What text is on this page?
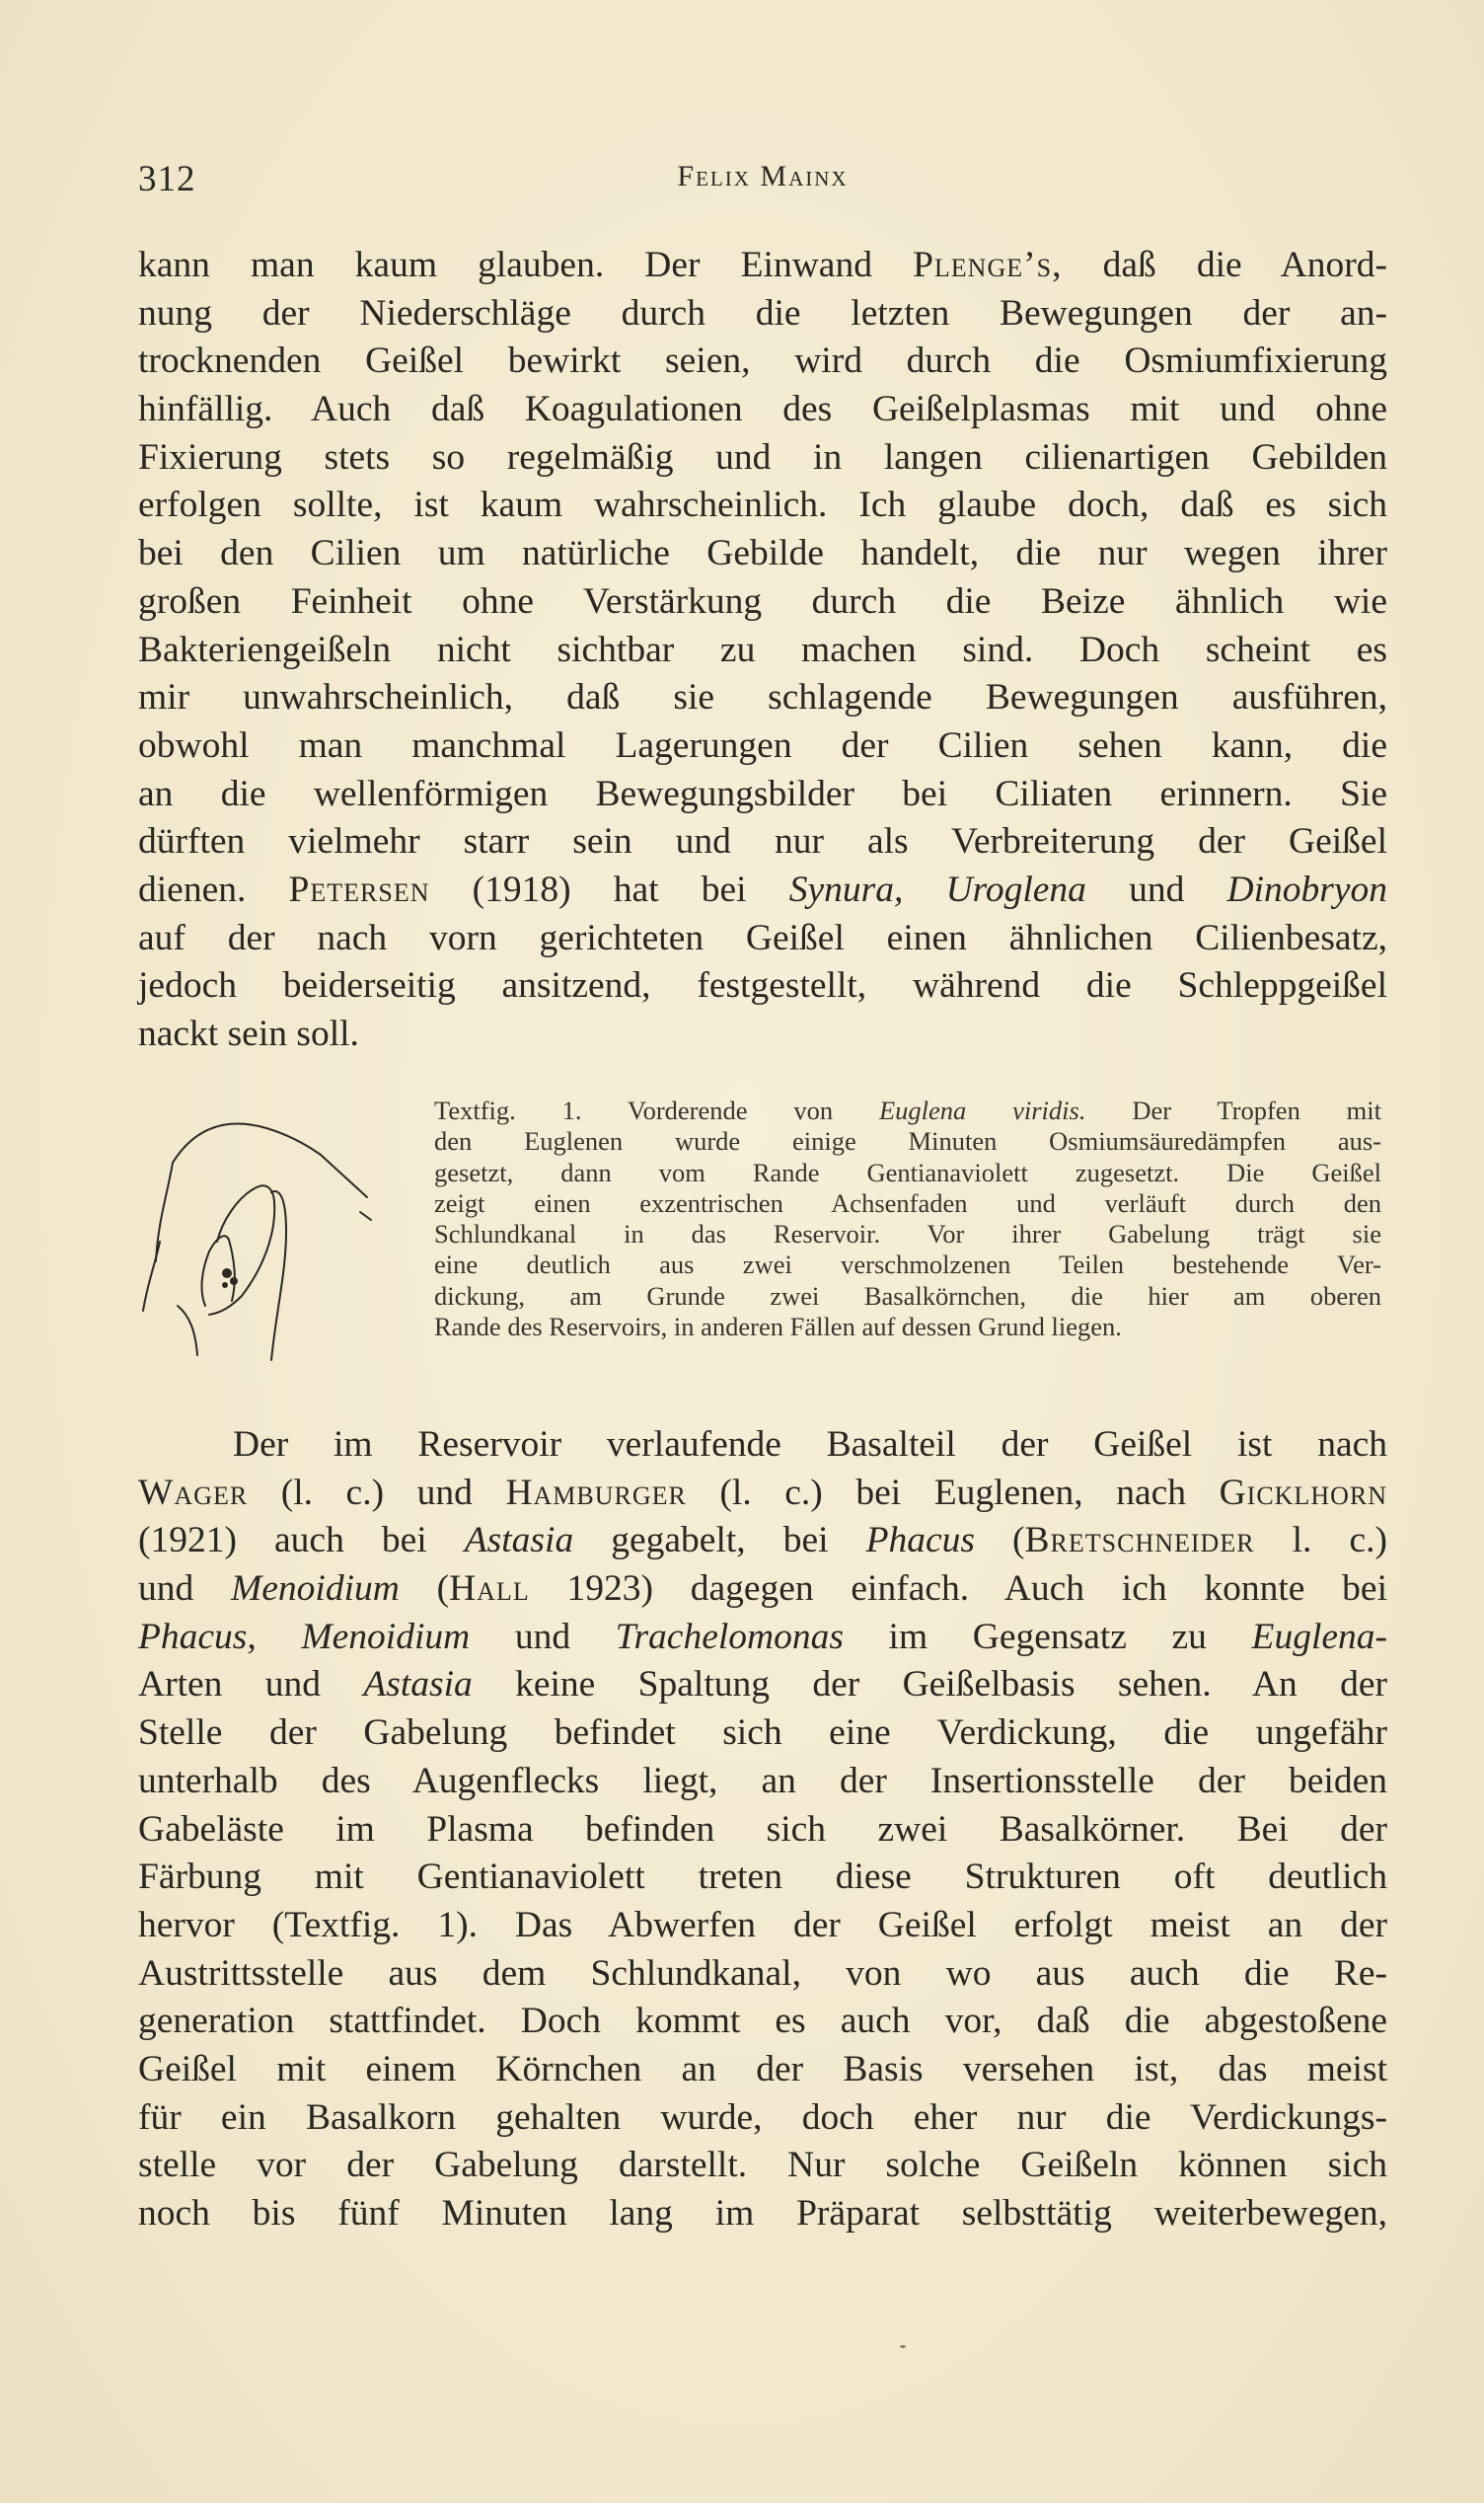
312	Felix Mainx
kann man kaum glauben. Der Einwand Plenge’s, daß die Anord-
nung der Niederschläge durch die letzten Bewegungen der an-
trocknenden Geißel bewirkt seien, wird durch die Osmiumfixierung
hinfällig. Auch daß Koagulationen des Geißelplasmas mit und ohne
Fixierung stets so regelmäßig und in langen cilienartigen Gebilden
erfolgen sollte, ist kaum wahrscheinlich. Ich glaube doch, daß es sich
bei den Cilien um natürliche Gebilde handelt, die nur wegen ihrer
großen Feinheit ohne Verstärkung durch die Beize ähnlich wie
Bakteriengeißeln nicht sichtbar zu machen sind. Doch scheint es
mir unwahrscheinlich, daß sie schlagende Bewegungen ausführen,
obwohl man manchmal Lagerungen der Cilien sehen kann, die
an die wellenförmigen Bewegungsbilder bei Ciliaten erinnern. Sie
dürften vielmehr starr sein und nur als Verbreiterung der Geißel
dienen. Petersen (1918) hat bei Synura, Uroglena und Dinobryon
auf der nach vorn gerichteten Geißel einen ähnlichen Cilienbesatz,
jedoch beiderseitig ansitzend, festgestellt, während die Schleppgeißel
nackt sein soll.
Textfig. 1. Vorderende von Euglena viridis. Der Tropfen mit
den Euglenen wurde einige Minuten Osmiumsäuredämpfen aus-
gesetzt, dann vom Rande Gentianaviolett zugesetzt. Die Geißel
zeigt einen exzentrischen Achsenfaden und verläuft durch den
Schlundkanal in das Reservoir. Vor ihrer Gabelung trägt sie
eine deutlich aus zwei verschmolzenen Teilen bestehende Ver-
dickung, am Grunde zwei Basalkörnchen, die hier am oberen
Rande des Reservoirs, in anderen Fällen auf dessen Grund liegen.
Der im Reservoir verlaufende Basalteil der Geißel ist nach
Wager (l. c.) und Hamburger (l. c.) bei Euglenen, nach Gicklhorn
(1921) auch bei Astasia gegabelt, bei Phacus (Bretschneider l. c.)
und Menoidium (Hall 1923) dagegen einfach. Auch ich konnte bei
Phacus, Menoidium und Trachelomonas im Gegensatz zu Euglena-
Arten und Astasia keine Spaltung der Geißelbasis sehen. An der
Stelle der Gabelung befindet sich eine Verdickung, die ungefähr
unterhalb des Augenflecks liegt, an der Insertionsstelle der beiden
Gabeläste im Plasma befinden sich zwei Basalkörner. Bei der
Färbung mit Gentianaviolett treten diese Strukturen oft deutlich
hervor (Textfig. 1). Das Abwerfen der Geißel erfolgt meist an der
Austrittsstelle aus dem Schlundkanal, von wo aus auch die Re-
generation stattfindet. Doch kommt es auch vor, daß die abgestoßene
Geißel mit einem Körnchen an der Basis versehen ist, das meist
für ein Basalkorn gehalten wurde, doch eher nur die Verdickungs-
stelle vor der Gabelung darstellt. Nur solche Geißeln können sich
noch bis fünf Minuten lang im Präparat selbsttätig weiterbewegen,
